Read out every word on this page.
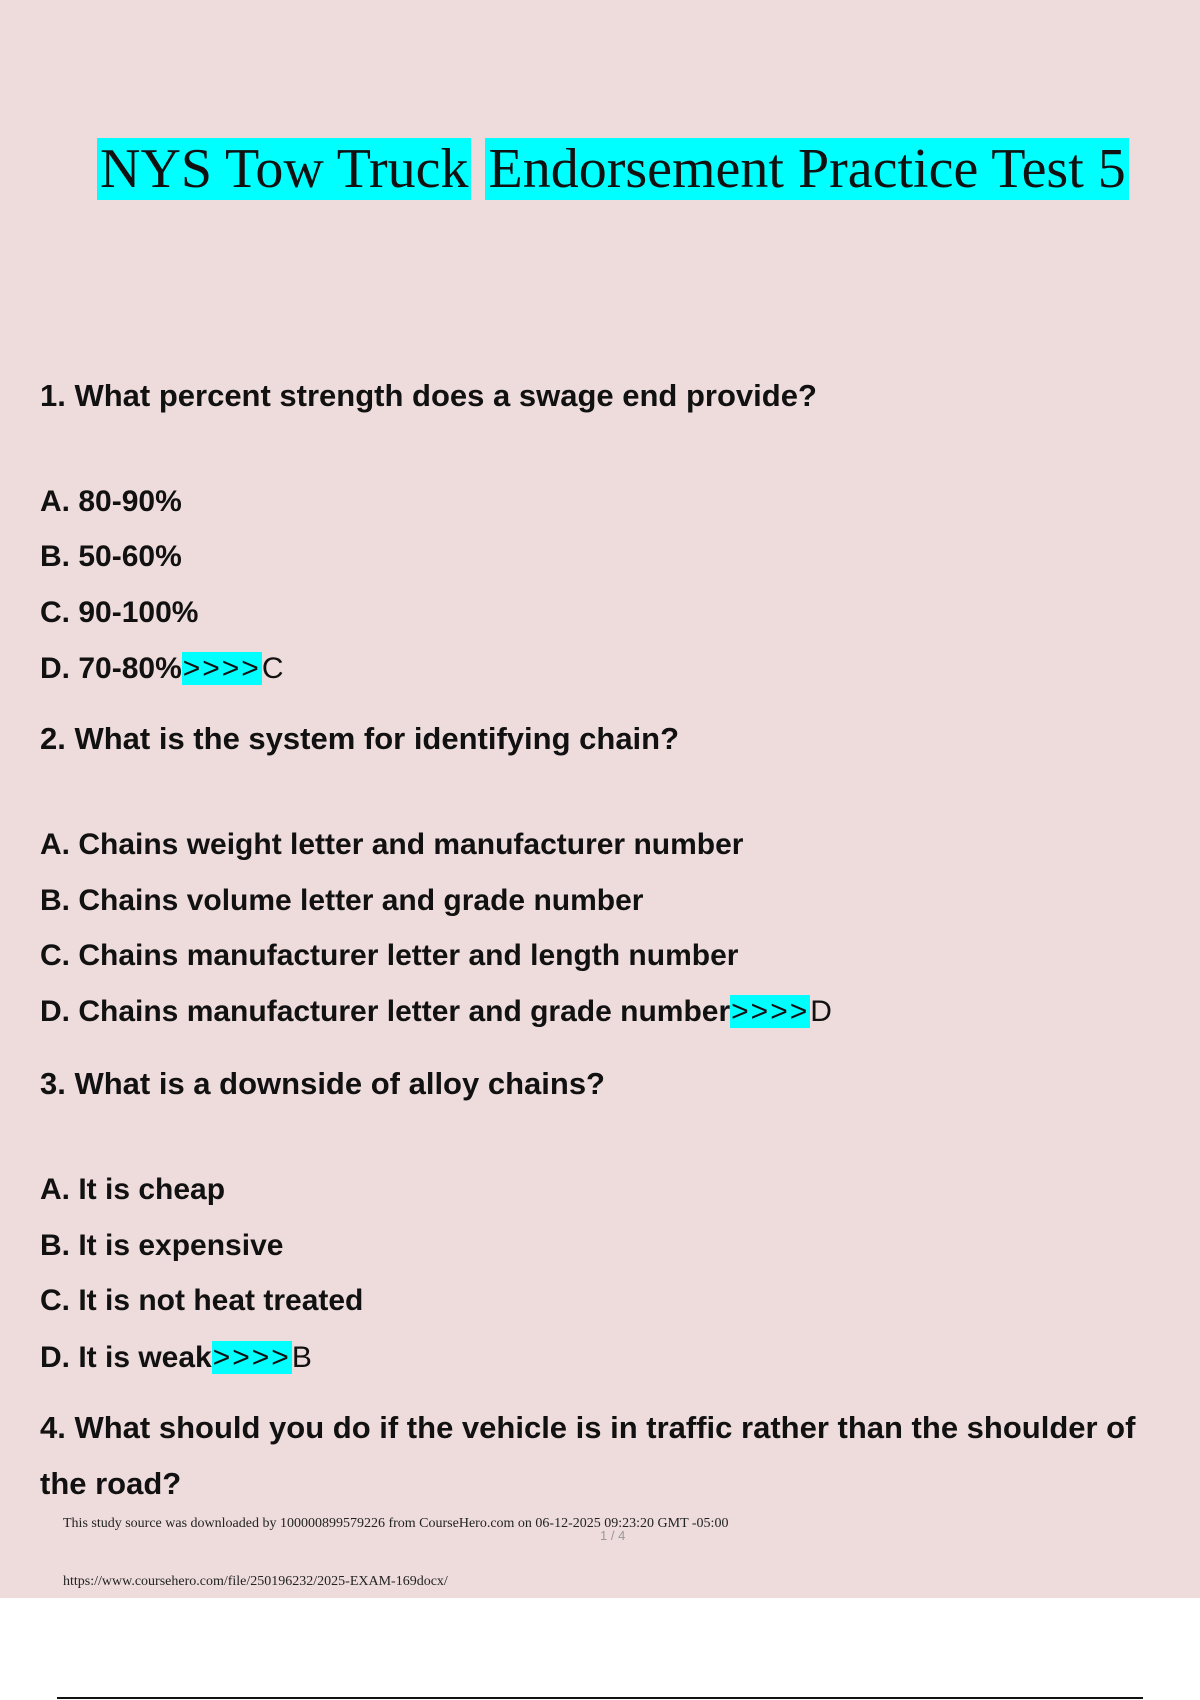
NYS Tow Truck Endorsement Practice Test 5
1. What percent strength does a swage end provide?
A. 80-90%
B. 50-60%
C. 90-100%
D. 70-80%>>>>C
2. What is the system for identifying chain?
A. Chains weight letter and manufacturer number
B. Chains volume letter and grade number
C. Chains manufacturer letter and length number
D. Chains manufacturer letter and grade number>>>>D
3. What is a downside of alloy chains?
A. It is cheap
B. It is expensive
C. It is not heat treated
D. It is weak>>>>B
4. What should you do if the vehicle is in traffic rather than the shoulder of the road?
This study source was downloaded by 100000899579226 from CourseHero.com on 06-12-2025 09:23:20 GMT -05:00
1 / 4
https://www.coursehero.com/file/250196232/2025-EXAM-169docx/
